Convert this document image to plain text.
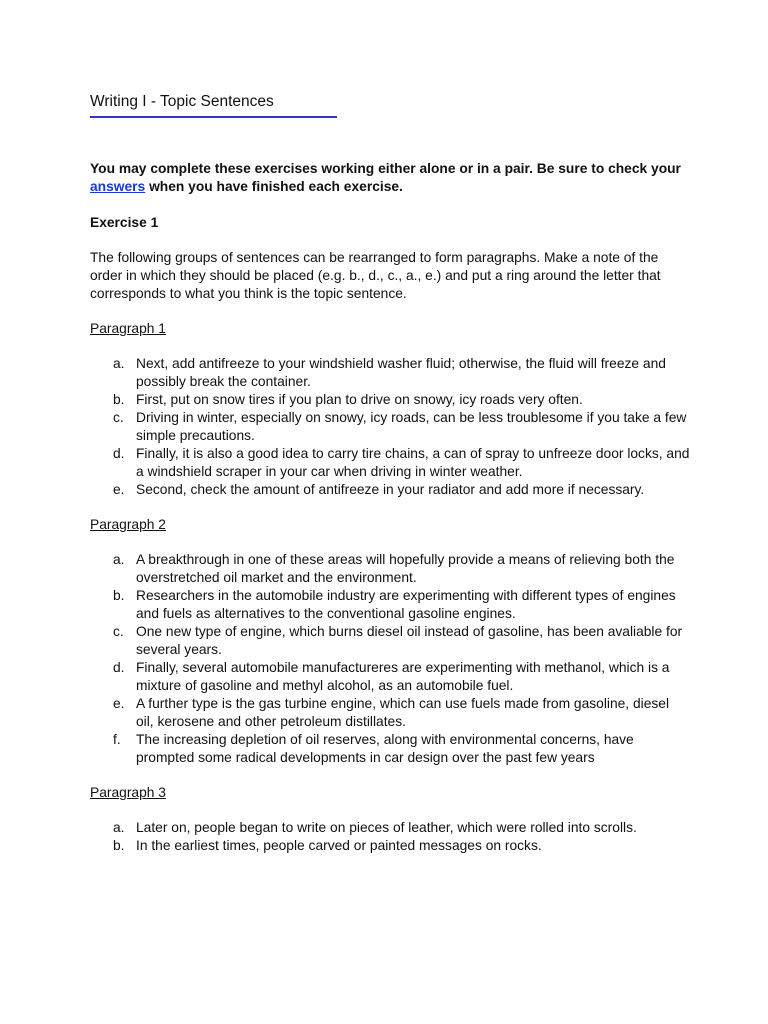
Writing I - Topic Sentences
You may complete these exercises working either alone or in a pair. Be sure to check your answers when you have finished each exercise.
Exercise 1
The following groups of sentences can be rearranged to form paragraphs. Make a note of the order in which they should be placed (e.g. b., d., c., a., e.) and put a ring around the letter that corresponds to what you think is the topic sentence.
Paragraph 1
a. Next, add antifreeze to your windshield washer fluid; otherwise, the fluid will freeze and possibly break the container.
b. First, put on snow tires if you plan to drive on snowy, icy roads very often.
c. Driving in winter, especially on snowy, icy roads, can be less troublesome if you take a few simple precautions.
d. Finally, it is also a good idea to carry tire chains, a can of spray to unfreeze door locks, and a windshield scraper in your car when driving in winter weather.
e. Second, check the amount of antifreeze in your radiator and add more if necessary.
Paragraph 2
a. A breakthrough in one of these areas will hopefully provide a means of relieving both the overstretched oil market and the environment.
b. Researchers in the automobile industry are experimenting with different types of engines and fuels as alternatives to the conventional gasoline engines.
c. One new type of engine, which burns diesel oil instead of gasoline, has been avaliable for several years.
d. Finally, several automobile manufactureres are experimenting with methanol, which is a mixture of gasoline and methyl alcohol, as an automobile fuel.
e. A further type is the gas turbine engine, which can use fuels made from gasoline, diesel oil, kerosene and other petroleum distillates.
f. The increasing depletion of oil reserves, along with environmental concerns, have prompted some radical developments in car design over the past few years
Paragraph 3
a. Later on, people began to write on pieces of leather, which were rolled into scrolls.
b. In the earliest times, people carved or painted messages on rocks.
